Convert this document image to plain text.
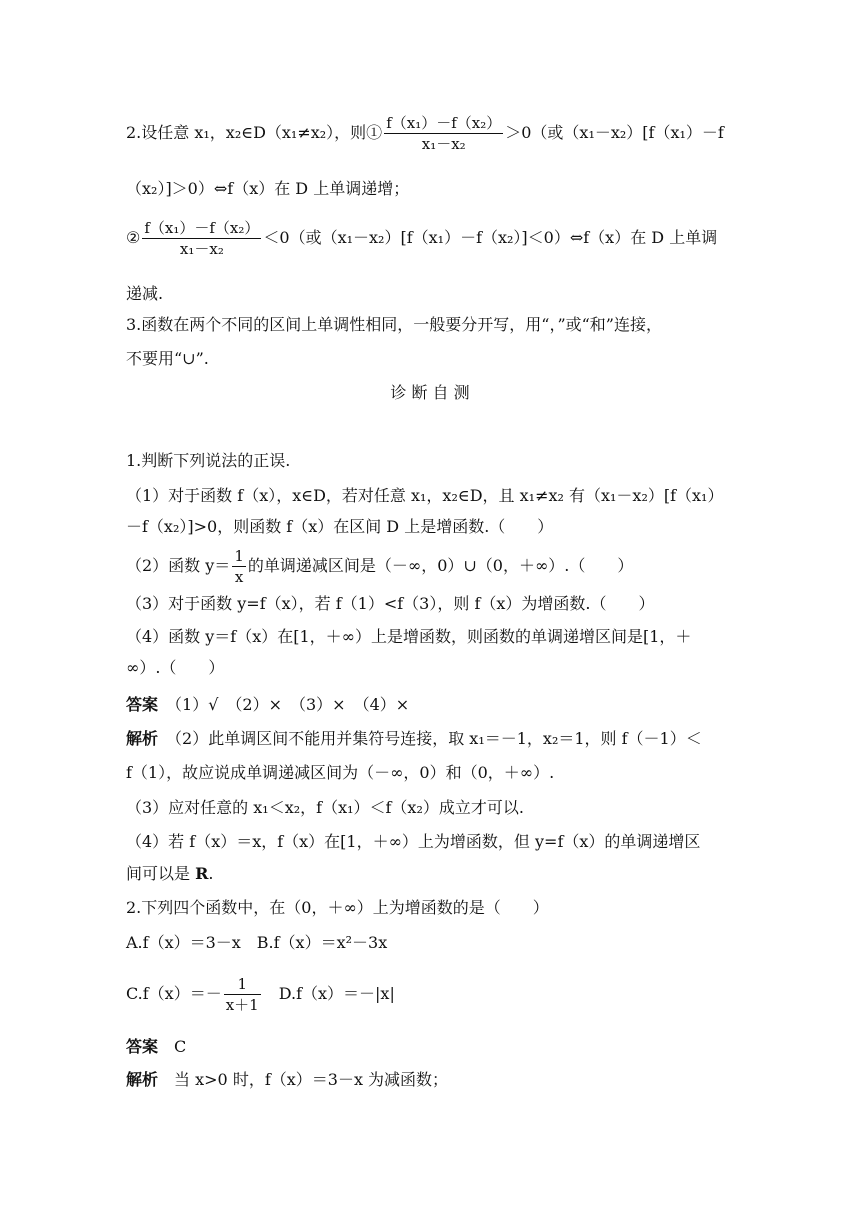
2.设任意 x₁，x₂∈D（x₁≠x₂），则① $\frac{\text{f（x₁）－f（x₂）}}{\text{x₁－x₂}} >0$（或（x₁－x₂）[f（x₁）－f
（x₂）]＞0）⇔f（x）在 D 上单调递增；
② $\frac{\text{f（x₁）－f（x₂）}}{\text{x₁－x₂}} <0$（或（x₁－x₂）[f（x₁）－f（x₂）]＜0）⇔f（x）在 D 上单调
递减.
3.函数在两个不同的区间上单调性相同，一般要分开写，用“，”或“和”连接，
不要用“∪”.
诊 断 自 测
1.判断下列说法的正误.
（1）对于函数 f（x），x∈D，若对任意 x₁，x₂∈D，且 x₁≠x₂ 有（x₁－x₂）[f（x₁）
－f（x₂）]>0，则函数 f（x）在区间 D 上是增函数.（　　）
（2）函数 $y= \frac{1}{x}$ 的单调递减区间是（－∞，0）∪（0，＋∞）.（　　）
（3）对于函数 y=f（x），若 f（1）<f（3），则 f（x）为增函数.（　　）
（4）函数 y＝f（x）在[1，＋∞）上是增函数，则函数的单调递增区间是[1，＋
∞）.（　　）
答案　 （1）√　（2）×　（3）×　（4）×
解析　 （2）此单调区间不能用并集符号连接，取 x₁＝－1，x₂＝1，则 f（－1）＜
f（1），故应说成单调递减区间为（－∞，0）和（0，＋∞）.
（3）应对任意的 x₁＜x₂，f（x₁）＜f（x₂）成立才可以.
（4）若 f（x）＝x，f（x）在[1，＋∞）上为增函数，但 y=f（x）的单调递增区
间可以是 R.
2.下列四个函数中，在（0，＋∞）上为增函数的是（　　）
A.f（x）＝3－x　B.f（x）＝x²－3x
$C.f(x)=- \frac{1}{x+1}$ 　D.f（x）＝－|x|
答案　 C
解析　 当 x>0 时，f（x）＝3－x 为减函数；
